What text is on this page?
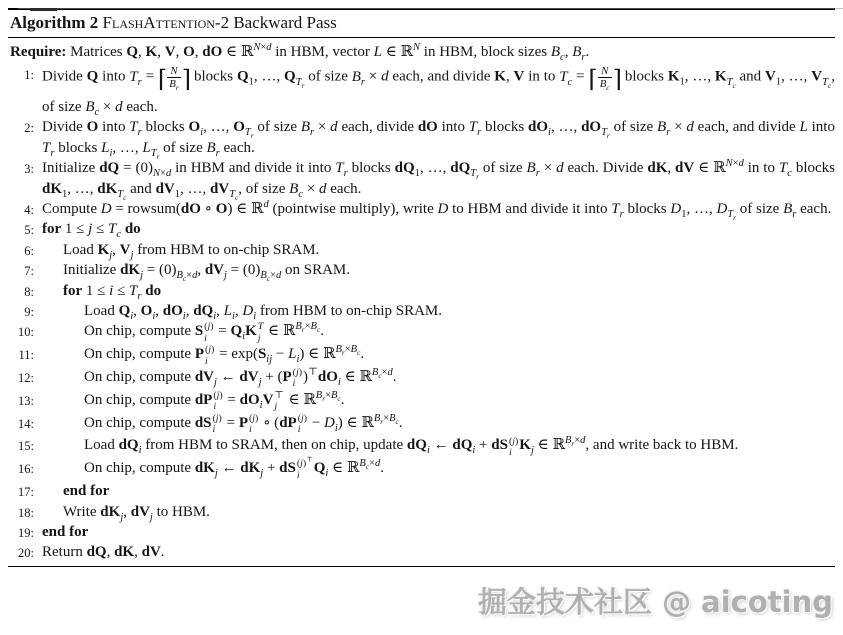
Algorithm 2 FlashAttention-2 Backward Pass
Require: Matrices Q, K, V, O, dO ∈ ℝ$^{N\times d}$ in HBM, vector L ∈ ℝ$^N$ in HBM, block sizes $B_c$, $B_r$.
1: Divide Q into $T_r$ = ⌈ $\frac{N}{B_r}$ ⌉ blocks $Q_1$, …, $Q_{T_r}$ of size $B_r \times d$ each, and divide K, V in to $T_c$ = ⌈ $\frac{N}{B_c}$ ⌉ blocks $K_1$, …, $K_{T_c}$ and $V_1$, …, $V_{T_c}$, of size $B_c \times d$ each.
2: Divide O into $T_r$ blocks $O_i$, …, $O_{T_r}$ of size $B_r \times d$ each, divide dO into $T_r$ blocks $dO_i$, …, $dO_{T_r}$ of size $B_r \times d$ each, and divide L into $T_r$ blocks $L_i$, …, $L_{T_r}$ of size $B_r$ each.
3: Initialize dQ = $(0)_{N\times d}$ in HBM and divide it into $T_r$ blocks $dQ_1$, …, $dQ_{T_r}$ of size $B_r \times d$ each. Divide dK, dV ∈ ℝ$^{N\times d}$ in to $T_c$ blocks $dK_1$, …, $dK_{T_c}$ and $dV_1$, …, $dV_{T_c}$, of size $B_c \times d$ each.
4: Compute D = rowsum(dO ∘ O) ∈ ℝ$^d$ (pointwise multiply), write D to HBM and divide it into $T_r$ blocks $D_1$, …, $D_{T_r}$ of size $B_r$ each.
5: for $1 \le j \le T_c$ do
6:	Load $K_j$, $V_j$ from HBM to on-chip SRAM.
7:	Initialize $dK_j = (0)_{B_c\times d}$, $dV_j = (0)_{B_c\times d}$ on SRAM.
8:	for $1 \le i \le T_r$ do
9:	Load $Q_i$, $O_i$, $dO_i$, $dQ_i$, $L_i$, $D_i$ from HBM to on-chip SRAM.
10:	On chip, compute S (j)
$i = Q_iK$ T
j ∈ ℝ$^{B_r\times B_c}$.
11:	On chip, compute P (j)
$i = \exp(S_{ij} - L_i)$ ∈ ℝ$^{B_r\times B_c}$.
12:	On chip, compute $dV_j$ ← $dV_j + (P$ (j)
i )$^⊤dO_i$ ∈ ℝ$^{B_c\times d}$.
13:	On chip, compute dP (j)
$i = dO_iV$ ⊤
j ∈ ℝ$^{B_r\times B_c}$.
14:	On chip, compute dS (j)
i = P (j)
i ∘ (dP (j)
$i - D_i$) ∈ ℝ$^{B_r\times B_c}$.
15:	Load $dQ_i$ from HBM to SRAM, then on chip, update $dQ_i$ ← $dQ_i$ + dS (j)
i $K_j$ ∈ ℝ$^{B_r\times d}$, and write back to HBM.
16:	On chip, compute $dK_j$ ← $dK_j$ + dS (j)⊤
i $Q_i$ ∈ ℝ$^{B_c\times d}$.
17:	end for
18:	Write $dK_j$, $dV_j$ to HBM.
19: end for
20: Return dQ, dK, dV.
掘金技术社区 @ aicoting
